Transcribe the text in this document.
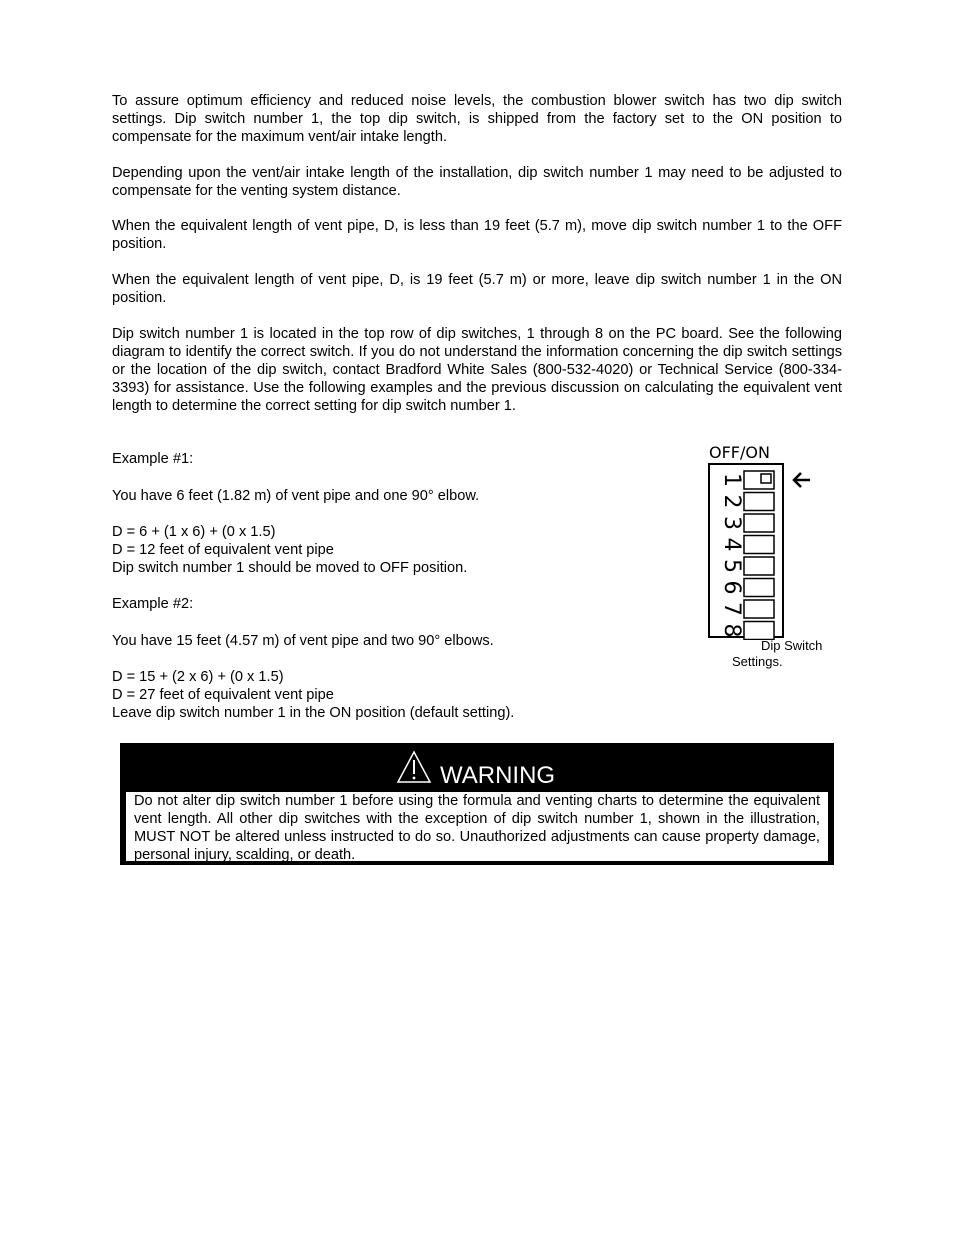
To assure optimum efficiency and reduced noise levels, the combustion blower switch has two dip switch settings. Dip switch number 1, the top dip switch, is shipped from the factory set to the ON position to compensate for the maximum vent/air intake length.

Depending upon the vent/air intake length of the installation, dip switch number 1 may need to be adjusted to compensate for the venting system distance.

When the equivalent length of vent pipe, D, is less than 19 feet (5.7 m), move dip switch number 1 to the OFF position.

When the equivalent length of vent pipe, D, is 19 feet (5.7 m) or more, leave dip switch number 1 in the ON position.

Dip switch number 1 is located in the top row of dip switches, 1 through 8 on the PC board. See the following diagram to identify the correct switch. If you do not understand the information concerning the dip switch settings or the location of the dip switch, contact Bradford White Sales (800-532-4020) or Technical Service (800-334-3393) for assistance. Use the following examples and the previous discussion on calculating the equivalent vent length to determine the correct setting for dip switch number 1.

Example #1:

You have 6 feet (1.82 m) of vent pipe and one 90° elbow.

D = 6 + (1 x 6) + (0 x 1.5)

D = 12 feet of equivalent vent pipe

Dip switch number 1 should be moved to OFF position.

Example #2:

You have 15 feet (4.57 m) of vent pipe and two 90° elbows.

D = 15 + (2 x 6) + (0 x 1.5)

D = 27 feet of equivalent vent pipe

Leave dip switch number 1 in the ON position (default setting).

OFF/ON
1
2
3
4
5
6
7
8
Dip Switch
Settings.
WARNING
Do not alter dip switch number 1 before using the formula and venting charts to determine the equivalent vent length. All other dip switches with the exception of dip switch number 1, shown in the illustration, MUST NOT be altered unless instructed to do so. Unauthorized adjustments can cause property damage, personal injury, scalding, or death.
